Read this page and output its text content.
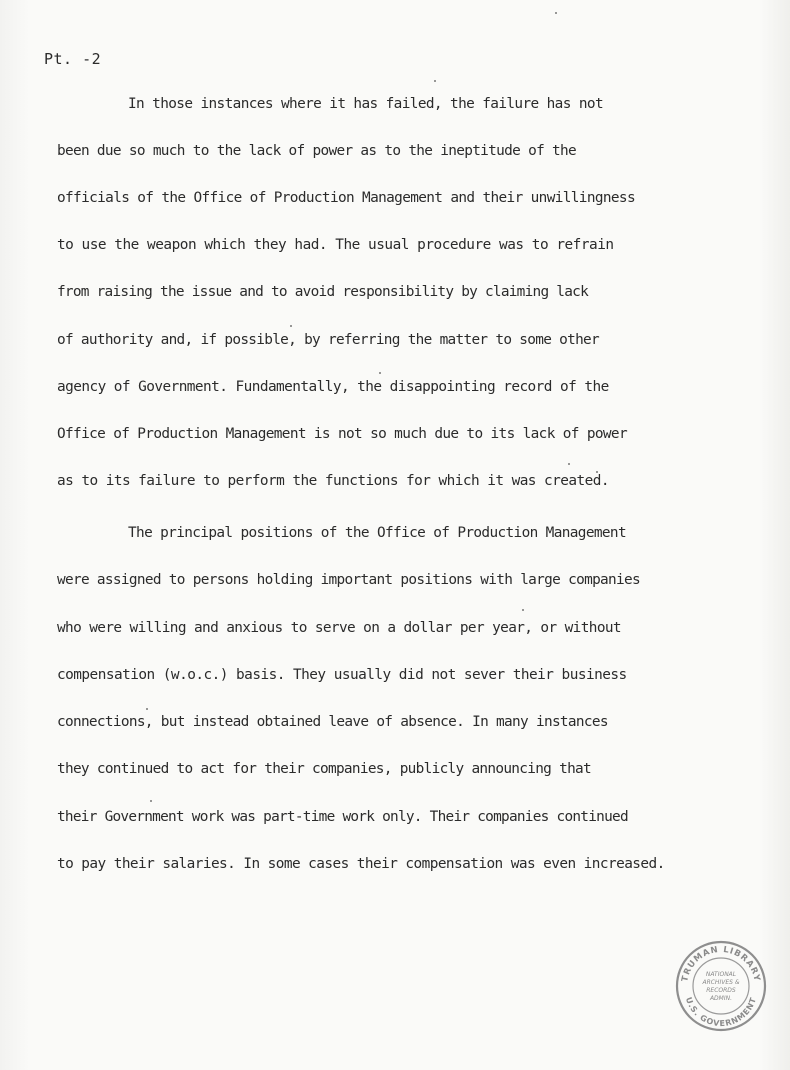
Pt. -2
In those instances where it has failed, the failure has not
been due so much to the lack of power as to the ineptitude of the
officials of the Office of Production Management and their unwillingness
to use the weapon which they had. The usual procedure was to refrain
from raising the issue and to avoid responsibility by claiming lack
of authority and, if possible, by referring the matter to some other
agency of Government. Fundamentally, the disappointing record of the
Office of Production Management is not so much due to its lack of power
as to its failure to perform the functions for which it was created.
The principal positions of the Office of Production Management
were assigned to persons holding important positions with large companies
who were willing and anxious to serve on a dollar per year, or without
compensation (w.o.c.) basis. They usually did not sever their business
connections, but instead obtained leave of absence. In many instances
they continued to act for their companies, publicly announcing that
their Government work was part-time work only. Their companies continued
to pay their salaries. In some cases their compensation was even increased.
TRUMAN LIBRARY
U.S. GOVERNMENT
NATIONAL
ARCHIVES &
RECORDS
ADMIN.
